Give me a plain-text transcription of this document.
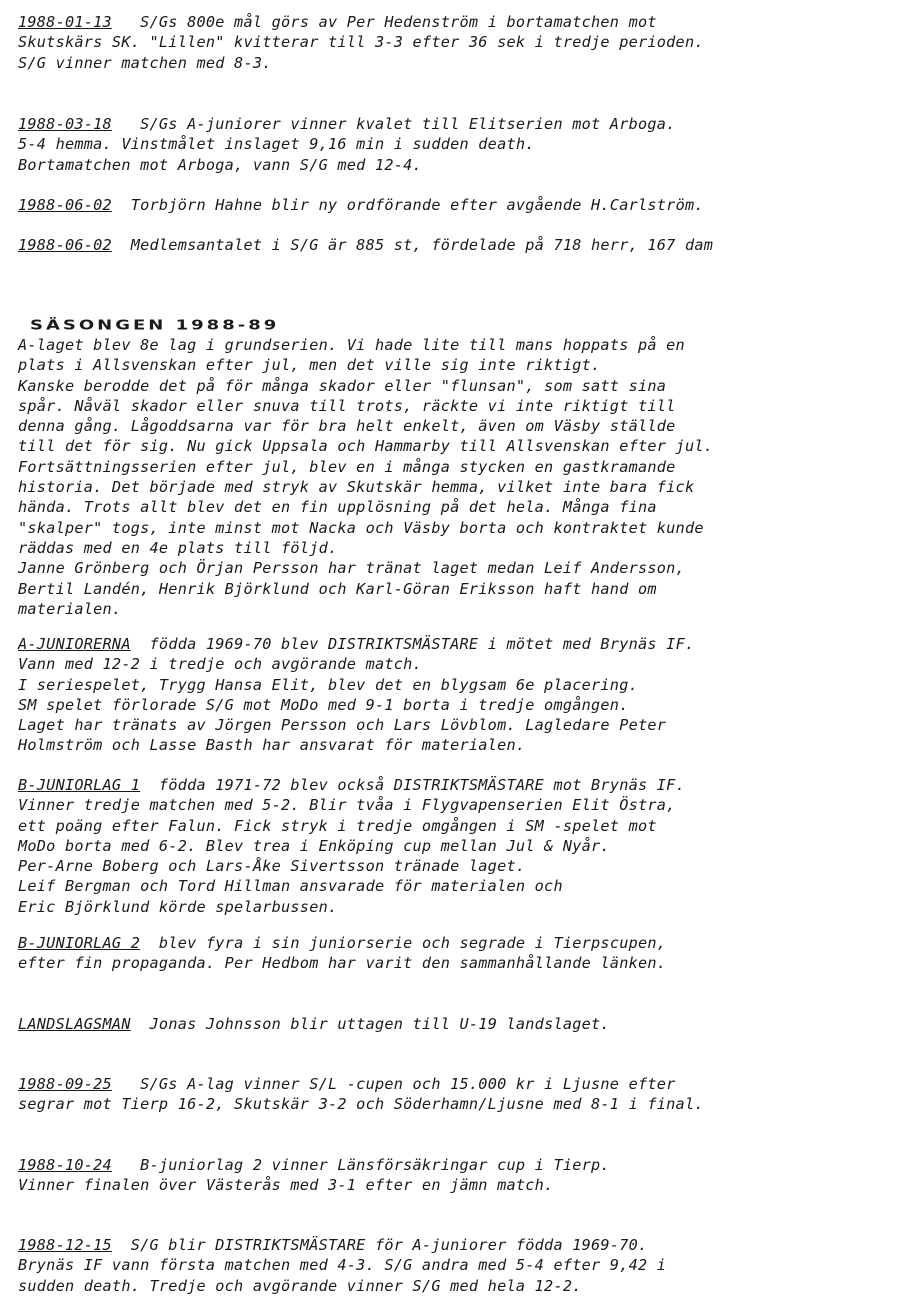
1988-01-13 S/Gs 800e mål görs av Per Hedenström i bortamatchen mot
Skutskärs SK. "Lillen" kvitterar till 3-3 efter 36 sek i tredje perioden.
S/G vinner matchen med 8-3.

1988-03-18 S/Gs A-juniorer vinner kvalet till Elitserien mot Arboga.
5-4 hemma. Vinstmålet inslaget 9,16 min i sudden death.
Bortamatchen mot Arboga, vann S/G med 12-4.

1988-06-02 Torbjörn Hahne blir ny ordförande efter avgående H.Carlström.

1988-06-02 Medlemsantalet i S/G är 885 st, fördelade på 718 herr, 167 dam

SÄSONGEN 1988-89

A-laget blev 8e lag i grundserien. Vi hade lite till mans hoppats på en
plats i Allsvenskan efter jul, men det ville sig inte riktigt.
Kanske berodde det på för många skador eller "flunsan", som satt sina
spår. Nåväl skador eller snuva till trots, räckte vi inte riktigt till
denna gång. Lågoddsarna var för bra helt enkelt, även om Väsby ställde
till det för sig. Nu gick Uppsala och Hammarby till Allsvenskan efter jul.
Fortsättningsserien efter jul, blev en i många stycken en gastkramande
historia. Det började med stryk av Skutskär hemma, vilket inte bara fick
hända. Trots allt blev det en fin upplösning på det hela. Många fina
"skalper" togs, inte minst mot Nacka och Väsby borta och kontraktet kunde
räddas med en 4e plats till följd.
Janne Grönberg och Örjan Persson har tränat laget medan Leif Andersson,
Bertil Landén, Henrik Björklund och Karl-Göran Eriksson haft hand om
materialen.

A-JUNIORERNA födda 1969-70 blev DISTRIKTSMÄSTARE i mötet med Brynäs IF.
Vann med 12-2 i tredje och avgörande match.
I seriespelet, Trygg Hansa Elit, blev det en blygsam 6e placering.
SM spelet förlorade S/G mot MoDo med 9-1 borta i tredje omgången.
Laget har tränats av Jörgen Persson och Lars Lövblom. Lagledare Peter
Holmström och Lasse Basth har ansvarat för materialen.

B-JUNIORLAG 1 födda 1971-72 blev också DISTRIKTSMÄSTARE mot Brynäs IF.
Vinner tredje matchen med 5-2. Blir tvåa i Flygvapenserien Elit Östra,
ett poäng efter Falun. Fick stryk i tredje omgången i SM -spelet mot
MoDo borta med 6-2. Blev trea i Enköping cup mellan Jul & Nyår.
Per-Arne Boberg och Lars-Åke Sivertsson tränade laget.
Leif Bergman och Tord Hillman ansvarade för materialen och
Eric Björklund körde spelarbussen.

B-JUNIORLAG 2 blev fyra i sin juniorserie och segrade i Tierpscupen,
efter fin propaganda. Per Hedbom har varit den sammanhållande länken.

LANDSLAGSMAN Jonas Johnsson blir uttagen till U-19 landslaget.

1988-09-25 S/Gs A-lag vinner S/L -cupen och 15.000 kr i Ljusne efter
segrar mot Tierp 16-2, Skutskär 3-2 och Söderhamn/Ljusne med 8-1 i final.

1988-10-24 B-juniorlag 2 vinner Länsförsäkringar cup i Tierp.
Vinner finalen över Västerås med 3-1 efter en jämn match.

1988-12-15 S/G blir DISTRIKTSMÄSTARE för A-juniorer födda 1969-70.
Brynäs IF vann första matchen med 4-3. S/G andra med 5-4 efter 9,42 i
sudden death. Tredje och avgörande vinner S/G med hela 12-2.
